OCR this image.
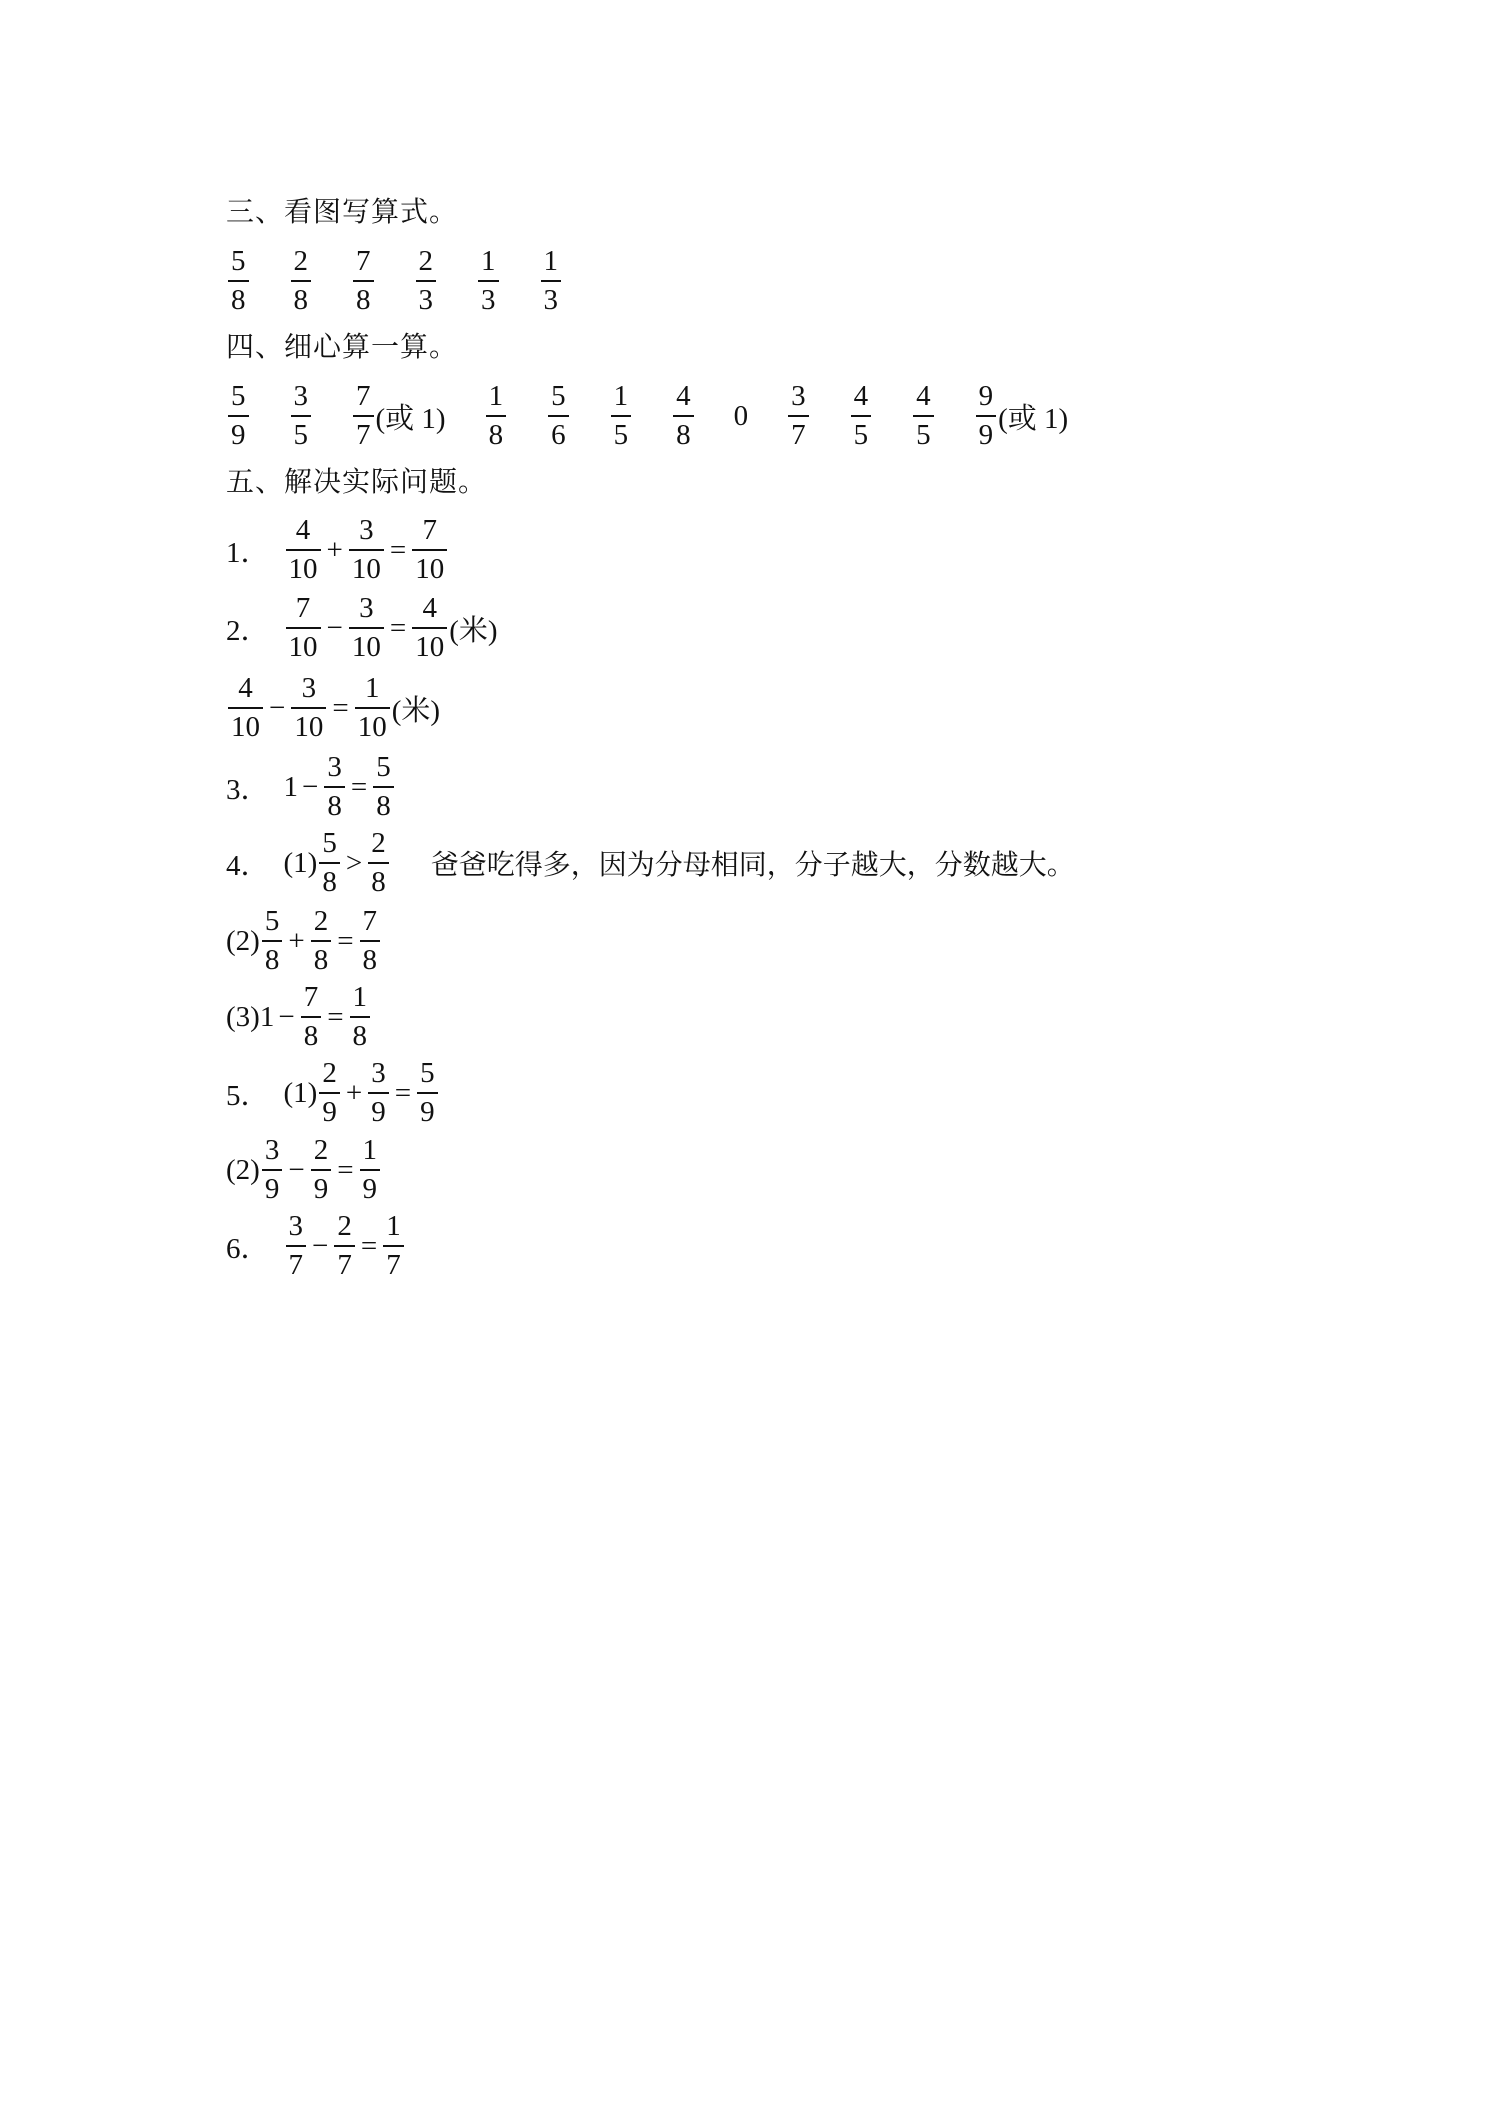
三、看图写算式。
$\frac{5}{8} \frac{2}{8} \frac{7}{8} \frac{2}{3} \frac{1}{3} \frac{1}{3}$
四、细心算一算。
$\frac{5}{9} \frac{3}{5} \frac{7}{7}$ (或 $1) \frac{1}{8} \frac{5}{6} \frac{1}{5} \frac{4}{8} 0 \frac{3}{7} \frac{4}{5} \frac{4}{5} \frac{9}{9}$ (或 1)
五、解决实际问题。
1． $\frac{4}{10} + \frac{3}{10} = \frac{7}{10}$
2． $\frac{7}{10} - \frac{3}{10} = \frac{4}{10}$ (米)
$\frac{4}{10} - \frac{3}{10} = \frac{1}{10}$ (米)
3． $1 - \frac{3}{8} = \frac{5}{8}$
4． $(1) \frac{5}{8} > \frac{2}{8}$ 爸爸吃得多，因为分母相同，分子越大，分数越大。
$(2) \frac{5}{8} + \frac{2}{8} = \frac{7}{8}$
(3) $1 - \frac{7}{8} = \frac{1}{8}$
5． $(1) \frac{2}{9} + \frac{3}{9} = \frac{5}{9}$
$(2) \frac{3}{9} - \frac{2}{9} = \frac{1}{9}$
6． $\frac{3}{7} - \frac{2}{7} = \frac{1}{7}$
